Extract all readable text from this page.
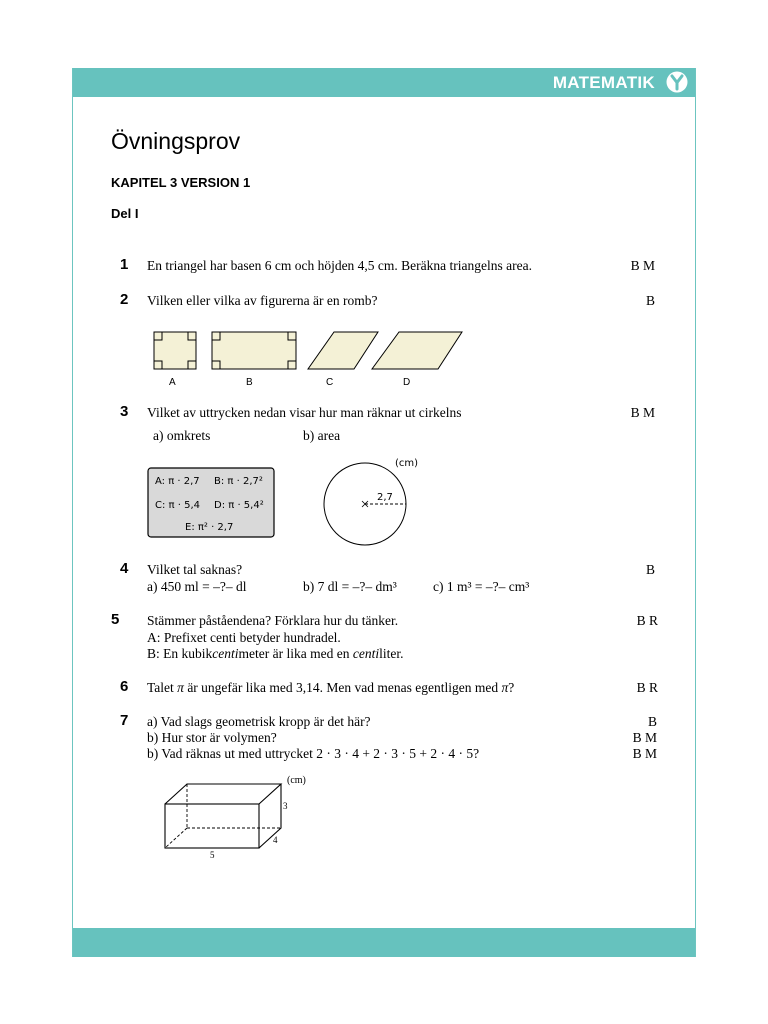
MATEMATIK
Övningsprov
KAPITEL 3 VERSION 1
Del I
1 En triangel har basen 6 cm och höjden 4,5 cm. Beräkna triangelns area.	B M
2 Vilken eller vilka av figurerna är en romb?	B
A	B	C	D
3 Vilket av uttrycken nedan visar hur man räknar ut cirkelns	B M
a) omkrets	b) area
A: π · 2,7 B: π · 2,7²
C: π · 5,4 D: π · 5,4²
E: π² · 2,7
2,7
(cm)
4 Vilket tal saknas?	B
a) 450 ml = –?– dl	b) 7 dl = –?– dm³	c) 1 m³ = –?– cm³
5 Stämmer påståendena? Förklara hur du tänker.	B R
A: Prefixet centi betyder hundradel.
B: En kubikcentimeter är lika med en centiliter.
6 Talet π är ungefär lika med 3,14. Men vad menas egentligen med π?	B R
7 a) Vad slags geometrisk kropp är det här?	B
b) Hur stor är volymen?	B M
b) Vad räknas ut med uttrycket 2 · 3 · 4 + 2 · 3 · 5 + 2 · 4 · 5?	B M
(cm)
3
4
5
